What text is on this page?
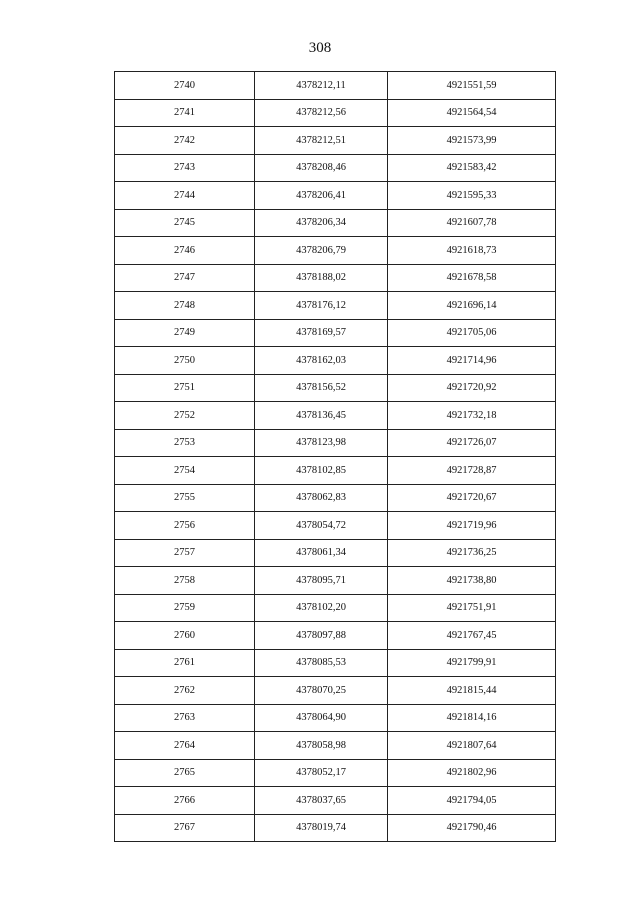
308
2740	4378212,11	4921551,59
2741	4378212,56	4921564,54
2742	4378212,51	4921573,99
2743	4378208,46	4921583,42
2744	4378206,41	4921595,33
2745	4378206,34	4921607,78
2746	4378206,79	4921618,73
2747	4378188,02	4921678,58
2748	4378176,12	4921696,14
2749	4378169,57	4921705,06
2750	4378162,03	4921714,96
2751	4378156,52	4921720,92
2752	4378136,45	4921732,18
2753	4378123,98	4921726,07
2754	4378102,85	4921728,87
2755	4378062,83	4921720,67
2756	4378054,72	4921719,96
2757	4378061,34	4921736,25
2758	4378095,71	4921738,80
2759	4378102,20	4921751,91
2760	4378097,88	4921767,45
2761	4378085,53	4921799,91
2762	4378070,25	4921815,44
2763	4378064,90	4921814,16
2764	4378058,98	4921807,64
2765	4378052,17	4921802,96
2766	4378037,65	4921794,05
2767	4378019,74	4921790,46
